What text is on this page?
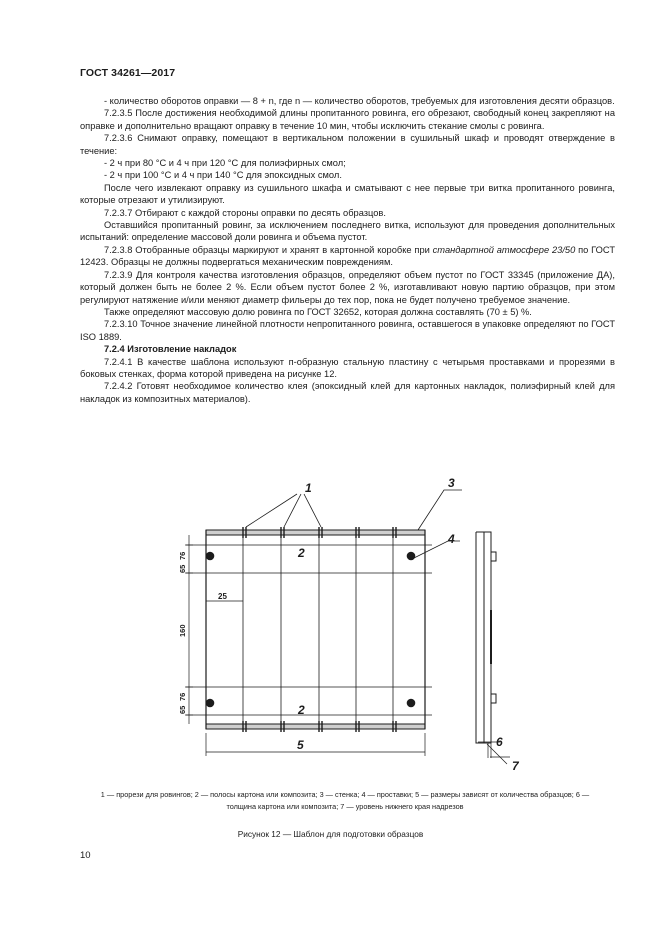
ГОСТ 34261—2017

- количество оборотов оправки — 8 + n, где n — количество оборотов, требуемых для изготовления десяти образцов.

7.2.3.5 После достижения необходимой длины пропитанного ровинга, его обрезают, свободный конец закрепляют на оправке и дополнительно вращают оправку в течение 10 мин, чтобы исключить стекание смолы с ровинга.

7.2.3.6 Снимают оправку, помещают в вертикальном положении в сушильный шкаф и проводят отверждение в течение:

- 2 ч при 80 °C и 4 ч при 120 °C для полиэфирных смол;

- 2 ч при 100 °C и 4 ч при 140 °C для эпоксидных смол.

После чего извлекают оправку из сушильного шкафа и сматывают с нее первые три витка пропитанного ровинга, которые отрезают и утилизируют.

7.2.3.7 Отбирают с каждой стороны оправки по десять образцов.

Оставшийся пропитанный ровинг, за исключением последнего витка, используют для проведения дополнительных испытаний: определение массовой доли ровинга и объема пустот.

7.2.3.8 Отобранные образцы маркируют и хранят в картонной коробке при стандартной атмосфере 23/50 по ГОСТ 12423. Образцы не должны подвергаться механическим повреждениям.

7.2.3.9 Для контроля качества изготовления образцов, определяют объем пустот по ГОСТ 33345 (приложение ДА), который должен быть не более 2 %. Если объем пустот более 2 %, изготавливают новую партию образцов, при этом регулируют натяжение и/или меняют диаметр фильеры до тех пор, пока не будет получено требуемое значение.

Также определяют массовую долю ровинга по ГОСТ 32652, которая должна составлять (70 ± 5) %.

7.2.3.10 Точное значение линейной плотности непропитанного ровинга, оставшегося в упаковке определяют по ГОСТ ISO 1889.

7.2.4 Изготовление накладок

7.2.4.1 В качестве шаблона используют п-образную стальную пластину с четырьмя проставками и прорезями в боковых стенках, форма которой приведена на рисунке 12.

7.2.4.2 Готовят необходимое количество клея (эпоксидный клей для картонных накладок, полиэфирный клей для накладок из композитных материалов).

1	3
4
2
2
5	6
7
25
76
65
160
76
65
1 — прорези для ровингов; 2 — полосы картона или композита; 3 — стенка; 4 — проставки; 5 — размеры зависят от количества образцов; 6 — толщина картона или композита; 7 — уровень нижнего края надрезов
Рисунок 12 — Шаблон для подготовки образцов
10
